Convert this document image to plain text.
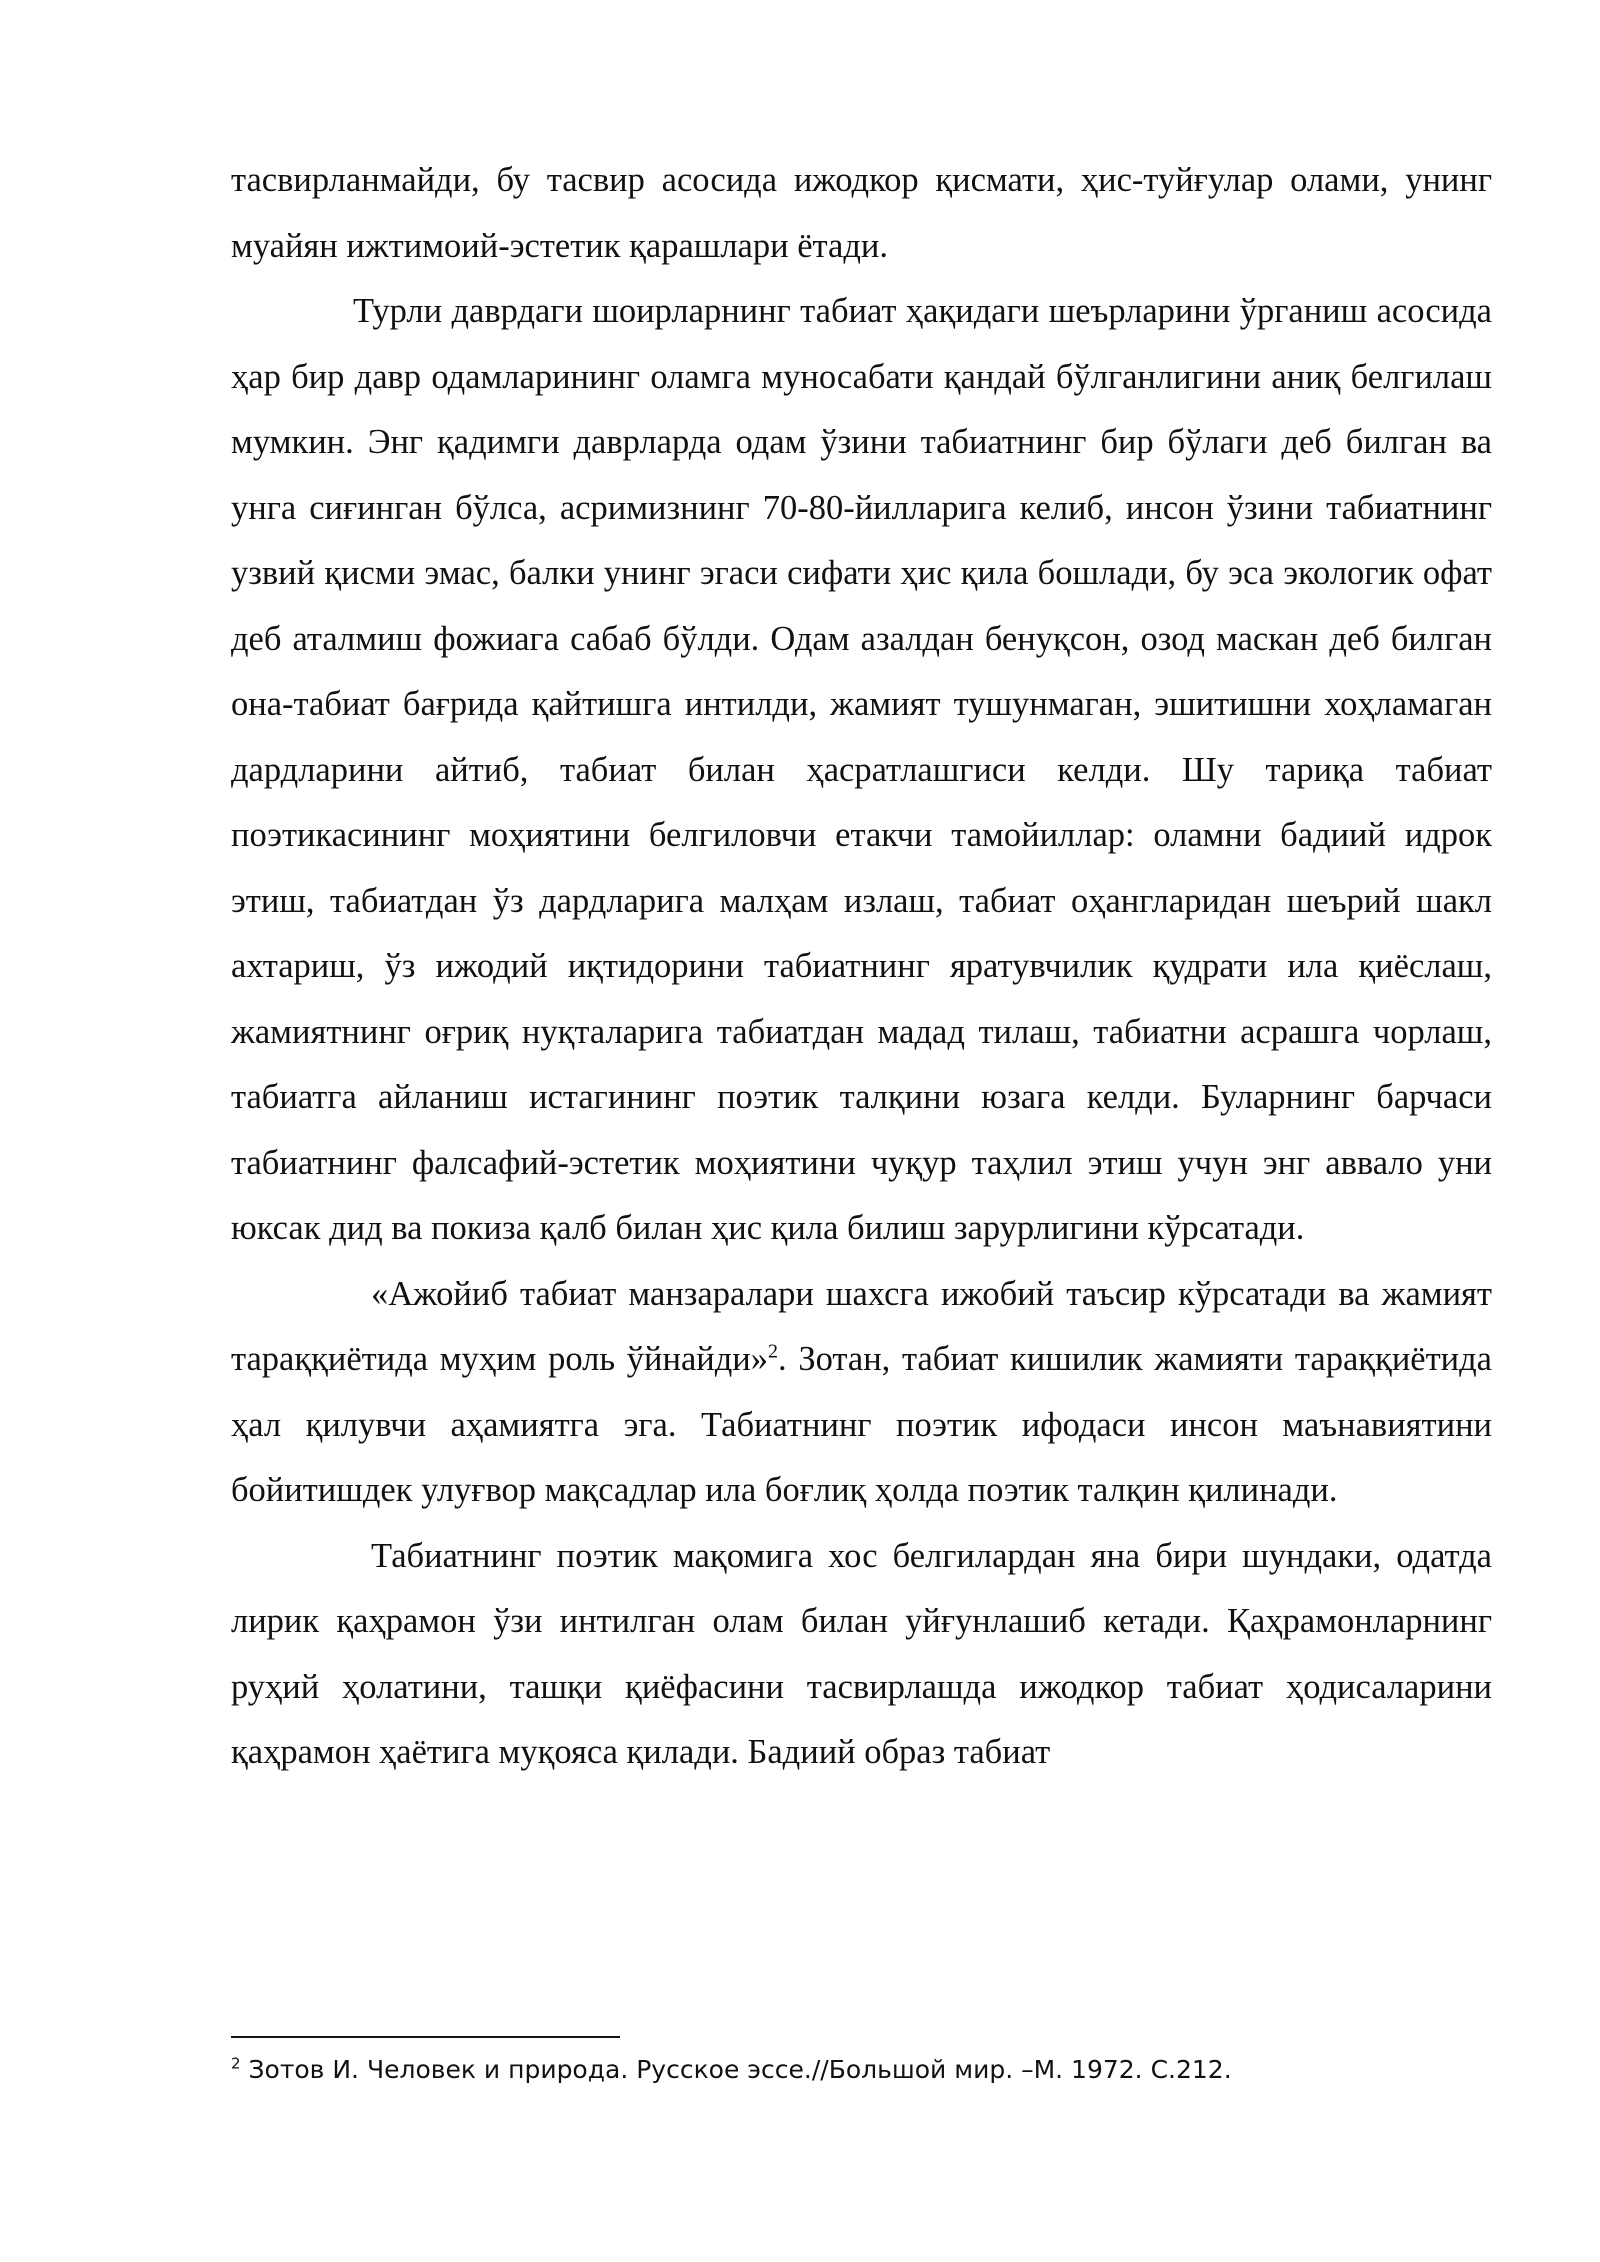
тасвирланмайди, бу тасвир асосида ижодкор қисмати, ҳис-туйғулар олами, унинг муайян ижтимоий-эстетик қарашлари ётади.

Турли даврдаги шоирларнинг табиат ҳақидаги шеърларини ўрганиш асосида ҳар бир давр одамларининг оламга муносабати қандай бўлганлигини аниқ белгилаш мумкин. Энг қадимги даврларда одам ўзини табиатнинг бир бўлаги деб билган ва унга сиғинган бўлса, асримизнинг 70-80-йилларига келиб, инсон ўзини табиатнинг узвий қисми эмас, балки унинг эгаси сифати ҳис қила бошлади, бу эса экологик офат деб аталмиш фожиага сабаб бўлди. Одам азалдан бенуқсон, озод маскан деб билган она-табиат бағрида қайтишга интилди, жамият тушунмаган, эшитишни хоҳламаган дардларини айтиб, табиат билан ҳасратлашгиси келди. Шу тариқа табиат поэтикасининг моҳиятини белгиловчи етакчи тамойиллар: оламни бадиий идрок этиш, табиатдан ўз дардларига малҳам излаш, табиат оҳангларидан шеърий шакл ахтариш, ўз ижодий иқтидорини табиатнинг яратувчилик қудрати ила қиёслаш, жамиятнинг оғриқ нуқталарига табиатдан мадад тилаш, табиатни асрашга чорлаш, табиатга айланиш истагининг поэтик талқини юзага келди. Буларнинг барчаси табиатнинг фалсафий-эстетик моҳиятини чуқур таҳлил этиш учун энг аввало уни юксак дид ва покиза қалб билан ҳис қила билиш зарурлигини кўрсатади.

«Ажойиб табиат манзаралари шахсга ижобий таъсир кўрсатади ва жамият тараққиётида муҳим роль ўйнайди»$^2$. Зотан, табиат кишилик жамияти тараққиётида ҳал қилувчи аҳамиятга эга. Табиатнинг поэтик ифодаси инсон маънавиятини бойитишдек улуғвор мақсадлар ила боғлиқ ҳолда поэтик талқин қилинади.

Табиатнинг поэтик мақомига хос белгилардан яна бири шундаки, одатда лирик қаҳрамон ўзи интилган олам билан уйғунлашиб кетади. Қаҳрамонларнинг руҳий ҳолатини, ташқи қиёфасини тасвирлашда ижодкор табиат ҳодисаларини қаҳрамон ҳаётига муқояса қилади. Бадиий образ табиат

$^2$ Зотов И. Человек и природа. Русское эссе.//Большой мир. –М. 1972. С.212.
